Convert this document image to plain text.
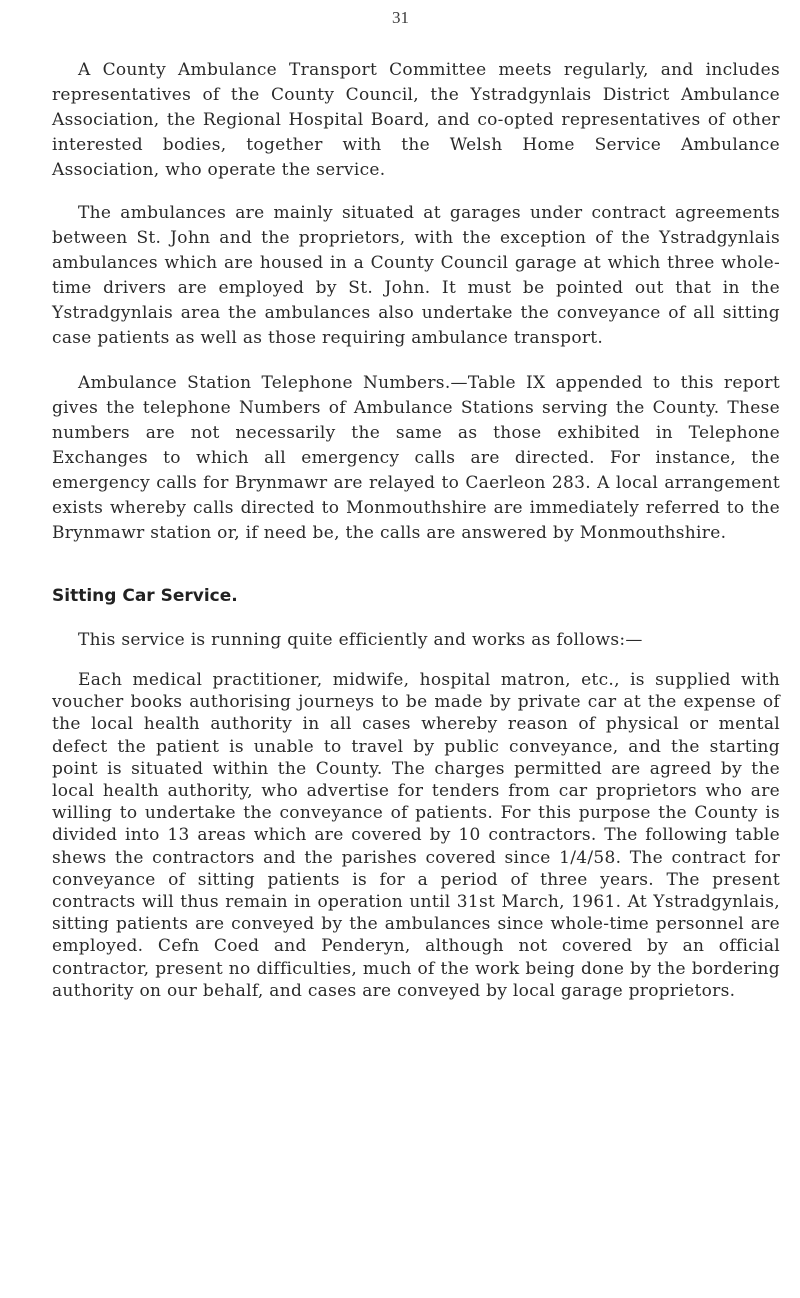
31

A County Ambulance Transport Committee meets regularly, and includes representatives of the County Council, the Ystradgynlais District Ambulance Association, the Regional Hospital Board, and co-opted representatives of other interested bodies, together with the Welsh Home Service Ambulance Association, who operate the service.

The ambulances are mainly situated at garages under contract agreements between St. John and the proprietors, with the exception of the Ystradgynlais ambulances which are housed in a County Council garage at which three whole-time drivers are employed by St. John. It must be pointed out that in the Ystradgynlais area the ambulances also undertake the conveyance of all sitting case patients as well as those requiring ambulance transport.

Ambulance Station Telephone Numbers.—Table IX appended to this report gives the telephone Numbers of Ambulance Stations serving the County. These numbers are not necessarily the same as those exhibited in Telephone Exchanges to which all emergency calls are directed. For instance, the emergency calls for Brynmawr are relayed to Caerleon 283. A local arrangement exists whereby calls directed to Monmouthshire are immediately referred to the Brynmawr station or, if need be, the calls are answered by Monmouthshire.

Sitting Car Service.

This service is running quite efficiently and works as follows:—

Each medical practitioner, midwife, hospital matron, etc., is supplied with voucher books authorising journeys to be made by private car at the expense of the local health authority in all cases whereby reason of physical or mental defect the patient is unable to travel by public conveyance, and the starting point is situated within the County. The charges permitted are agreed by the local health authority, who advertise for tenders from car proprietors who are willing to undertake the conveyance of patients. For this purpose the County is divided into 13 areas which are covered by 10 contractors. The following table shews the contractors and the parishes covered since 1/4/58. The contract for conveyance of sitting patients is for a period of three years. The present contracts will thus remain in operation until 31st March, 1961. At Ystradgynlais, sitting patients are conveyed by the ambulances since whole-time personnel are employed. Cefn Coed and Penderyn, although not covered by an official contractor, present no difficulties, much of the work being done by the bordering authority on our behalf, and cases are conveyed by local garage proprietors.
